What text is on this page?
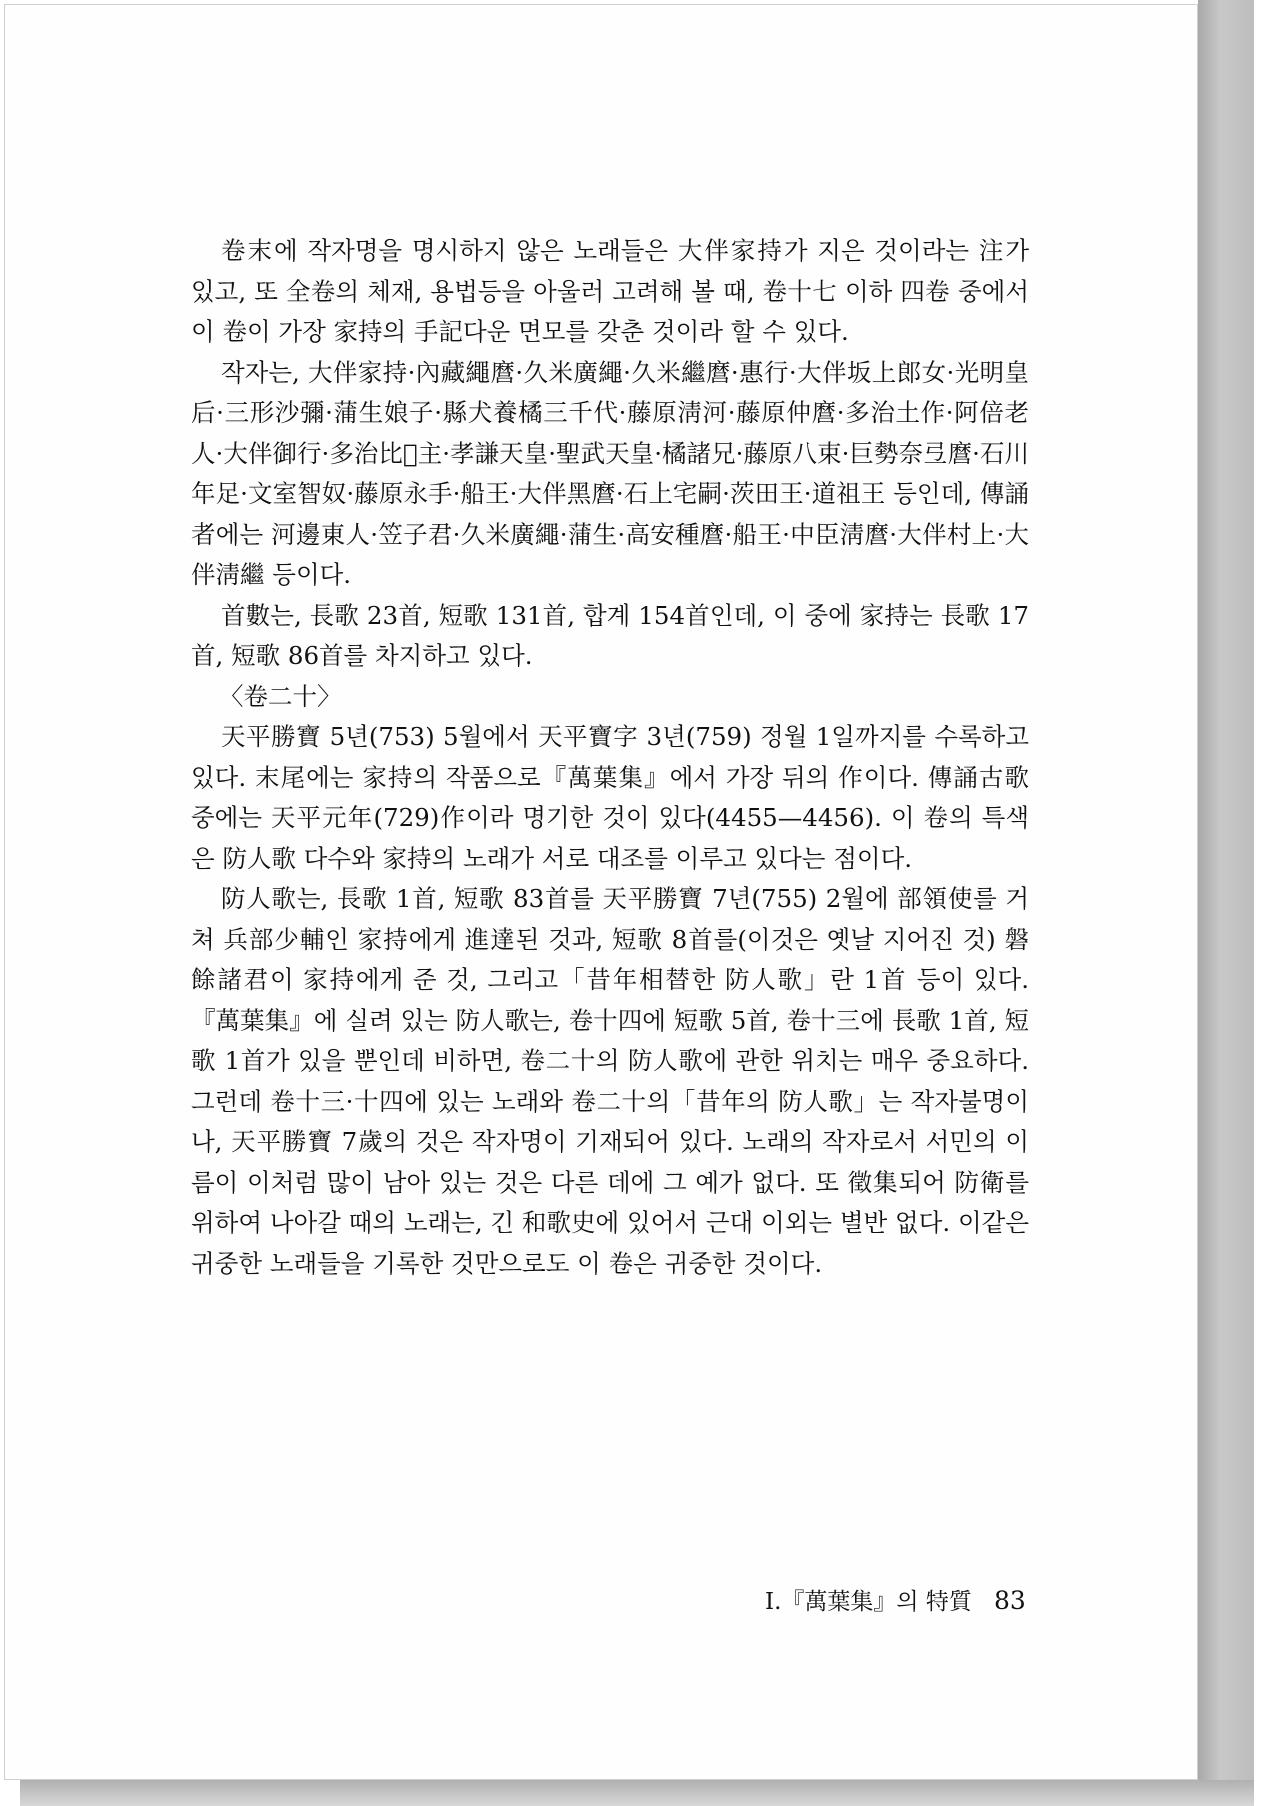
卷末에 작자명을 명시하지 않은 노래들은 大伴家持가 지은 것이라는 注가 있고, 또 全卷의 체재, 용법등을 아울러 고려해 볼 때, 卷十七 이하 四卷 중에서 이 卷이 가장 家持의 手記다운 면모를 갖춘 것이라 할 수 있다.

작자는, 大伴家持·內藏繩麿·久米廣繩·久米繼麿·惠行·大伴坂上郎女·光明皇后·三形沙彌·蒲生娘子·縣犬養橘三千代·藤原淸河·藤原仲麿·多治土作·阿倍老人·大伴御行·多治比𠨫主·孝謙天皇·聖武天皇·橘諸兄·藤原八束·巨勢奈弖麿·石川年足·文室智奴·藤原永手·船王·大伴黑麿·石上宅嗣·茨田王·道祖王 등인데, 傳誦者에는 河邊東人·笠子君·久米廣繩·蒲生·高安種麿·船王·中臣淸麿·大伴村上·大伴淸繼 등이다.

首數는, 長歌 23首, 短歌 131首, 합계 154首인데, 이 중에 家持는 長歌 17首, 短歌 86首를 차지하고 있다.

〈卷二十〉

天平勝寶 5년(753) 5월에서 天平寶字 3년(759) 정월 1일까지를 수록하고 있다. 末尾에는 家持의 작품으로『萬葉集』에서 가장 뒤의 作이다. 傳誦古歌 중에는 天平元年(729)作이라 명기한 것이 있다(4455—4456). 이 卷의 특색은 防人歌 다수와 家持의 노래가 서로 대조를 이루고 있다는 점이다.

防人歌는, 長歌 1首, 短歌 83首를 天平勝寶 7년(755) 2월에 部領使를 거쳐 兵部少輔인 家持에게 進達된 것과, 短歌 8首를(이것은 옛날 지어진 것) 磐餘諸君이 家持에게 준 것, 그리고「昔年相替한 防人歌」란 1首 등이 있다.『萬葉集』에 실려 있는 防人歌는, 卷十四에 短歌 5首, 卷十三에 長歌 1首, 短歌 1首가 있을 뿐인데 비하면, 卷二十의 防人歌에 관한 위치는 매우 중요하다. 그런데 卷十三·十四에 있는 노래와 卷二十의「昔年의 防人歌」는 작자불명이나, 天平勝寶 7歲의 것은 작자명이 기재되어 있다. 노래의 작자로서 서민의 이름이 이처럼 많이 남아 있는 것은 다른 데에 그 예가 없다. 또 徵集되어 防衛를 위하여 나아갈 때의 노래는, 긴 和歌史에 있어서 근대 이외는 별반 없다. 이같은 귀중한 노래들을 기록한 것만으로도 이 卷은 귀중한 것이다.

I.『萬葉集』의 特質 83
